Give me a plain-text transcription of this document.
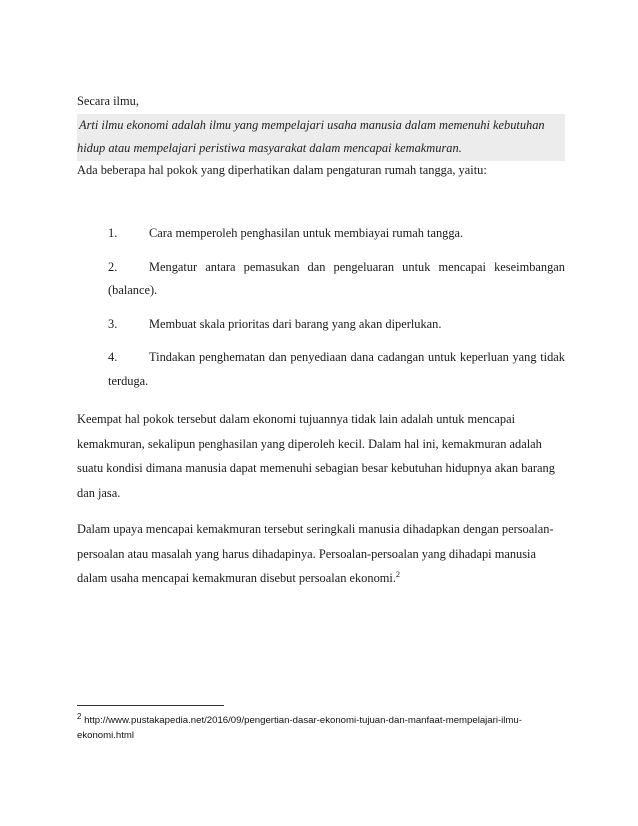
Secara ilmu,

Arti ilmu ekonomi adalah ilmu yang mempelajari usaha manusia dalam memenuhi kebutuhan
hidup atau mempelajari peristiwa masyarakat dalam mencapai kemakmuran.

Ada beberapa hal pokok yang diperhatikan dalam pengaturan rumah tangga, yaitu:

1.	Cara memperoleh penghasilan untuk membiayai rumah tangga.
2.	Mengatur antara pemasukan dan pengeluaran untuk mencapai keseimbangan (balance).
3.	Membuat skala prioritas dari barang yang akan diperlukan.
4.	Tindakan penghematan dan penyediaan dana cadangan untuk keperluan yang tidak terduga.

Keempat hal pokok tersebut dalam ekonomi tujuannya tidak lain adalah untuk mencapai kemakmuran, sekalipun penghasilan yang diperoleh kecil. Dalam hal ini, kemakmuran adalah suatu kondisi dimana manusia dapat memenuhi sebagian besar kebutuhan hidupnya akan barang dan jasa.

Dalam upaya mencapai kemakmuran tersebut seringkali manusia dihadapkan dengan persoalan-persoalan atau masalah yang harus dihadapinya. Persoalan-persoalan yang dihadapi manusia dalam usaha mencapai kemakmuran disebut persoalan ekonomi.$^2$

$^2$ http://www.pustakapedia.net/2016/09/pengertian-dasar-ekonomi-tujuan-dan-manfaat-mempelajari-ilmu-ekonomi.html
